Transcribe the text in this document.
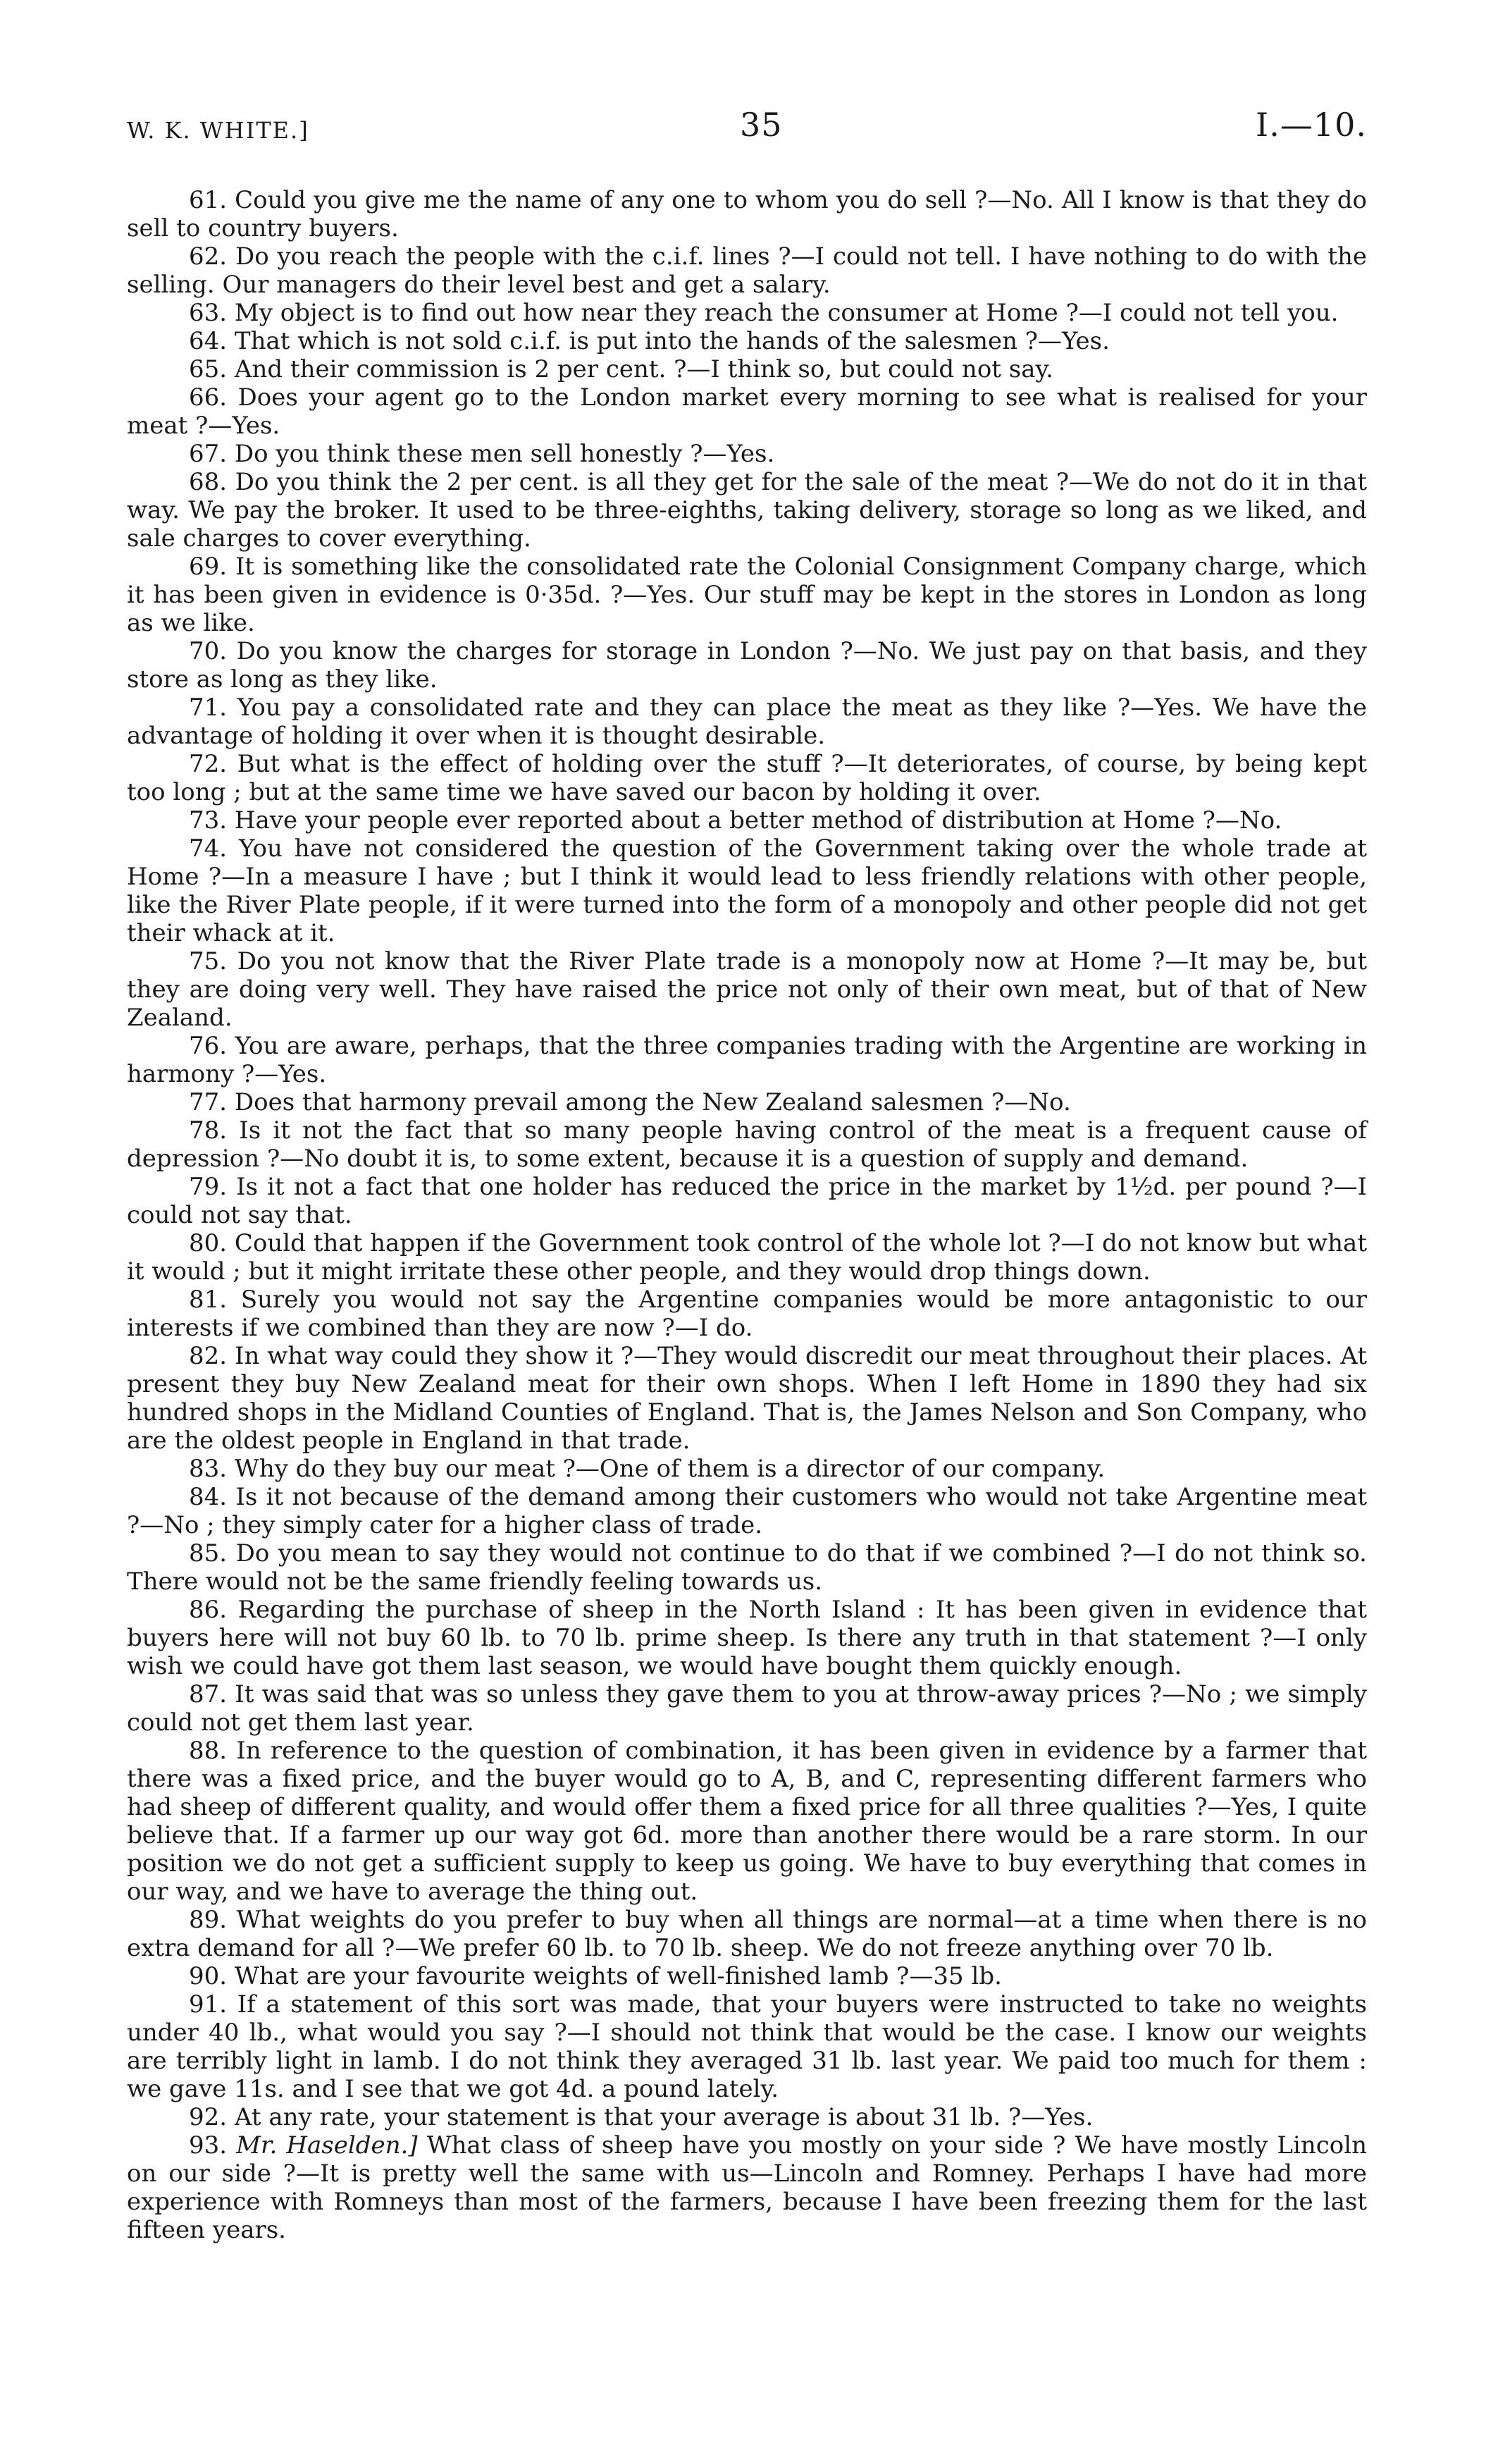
W. K. WHITE.]	35	I.—10.

61. Could you give me the name of any one to whom you do sell ?—No. All I know is that they do sell to country buyers.

62. Do you reach the people with the c.i.f. lines ?—I could not tell. I have nothing to do with the selling. Our managers do their level best and get a salary.

63. My object is to find out how near they reach the consumer at Home ?—I could not tell you.

64. That which is not sold c.i.f. is put into the hands of the salesmen ?—Yes.

65. And their commission is 2 per cent. ?—I think so, but could not say.

66. Does your agent go to the London market every morning to see what is realised for your meat ?—Yes.

67. Do you think these men sell honestly ?—Yes.

68. Do you think the 2 per cent. is all they get for the sale of the meat ?—We do not do it in that way. We pay the broker. It used to be three-eighths, taking delivery, storage so long as we liked, and sale charges to cover everything.

69. It is something like the consolidated rate the Colonial Consignment Company charge, which it has been given in evidence is 0·35d. ?—Yes. Our stuff may be kept in the stores in London as long as we like.

70. Do you know the charges for storage in London ?—No. We just pay on that basis, and they store as long as they like.

71. You pay a consolidated rate and they can place the meat as they like ?—Yes. We have the advantage of holding it over when it is thought desirable.

72. But what is the effect of holding over the stuff ?—It deteriorates, of course, by being kept too long ; but at the same time we have saved our bacon by holding it over.

73. Have your people ever reported about a better method of distribution at Home ?—No.

74. You have not considered the question of the Government taking over the whole trade at Home ?—In a measure I have ; but I think it would lead to less friendly relations with other people, like the River Plate people, if it were turned into the form of a monopoly and other people did not get their whack at it.

75. Do you not know that the River Plate trade is a monopoly now at Home ?—It may be, but they are doing very well. They have raised the price not only of their own meat, but of that of New Zealand.

76. You are aware, perhaps, that the three companies trading with the Argentine are working in harmony ?—Yes.

77. Does that harmony prevail among the New Zealand salesmen ?—No.

78. Is it not the fact that so many people having control of the meat is a frequent cause of depression ?—No doubt it is, to some extent, because it is a question of supply and demand.

79. Is it not a fact that one holder has reduced the price in the market by 1½d. per pound ?—I could not say that.

80. Could that happen if the Government took control of the whole lot ?—I do not know but what it would ; but it might irritate these other people, and they would drop things down.

81. Surely you would not say the Argentine companies would be more antagonistic to our interests if we combined than they are now ?—I do.

82. In what way could they show it ?—They would discredit our meat throughout their places. At present they buy New Zealand meat for their own shops. When I left Home in 1890 they had six hundred shops in the Midland Counties of England. That is, the James Nelson and Son Company, who are the oldest people in England in that trade.

83. Why do they buy our meat ?—One of them is a director of our company.

84. Is it not because of the demand among their customers who would not take Argentine meat ?—No ; they simply cater for a higher class of trade.

85. Do you mean to say they would not continue to do that if we combined ?—I do not think so. There would not be the same friendly feeling towards us.

86. Regarding the purchase of sheep in the North Island : It has been given in evidence that buyers here will not buy 60 lb. to 70 lb. prime sheep. Is there any truth in that statement ?—I only wish we could have got them last season, we would have bought them quickly enough.

87. It was said that was so unless they gave them to you at throw-away prices ?—No ; we simply could not get them last year.

88. In reference to the question of combination, it has been given in evidence by a farmer that there was a fixed price, and the buyer would go to A, B, and C, representing different farmers who had sheep of different quality, and would offer them a fixed price for all three qualities ?—Yes, I quite believe that. If a farmer up our way got 6d. more than another there would be a rare storm. In our position we do not get a sufficient supply to keep us going. We have to buy everything that comes in our way, and we have to average the thing out.

89. What weights do you prefer to buy when all things are normal—at a time when there is no extra demand for all ?—We prefer 60 lb. to 70 lb. sheep. We do not freeze anything over 70 lb.

90. What are your favourite weights of well-finished lamb ?—35 lb.

91. If a statement of this sort was made, that your buyers were instructed to take no weights under 40 lb., what would you say ?—I should not think that would be the case. I know our weights are terribly light in lamb. I do not think they averaged 31 lb. last year. We paid too much for them : we gave 11s. and I see that we got 4d. a pound lately.

92. At any rate, your statement is that your average is about 31 lb. ?—Yes.

93. Mr. Haselden.] What class of sheep have you mostly on your side ? We have mostly Lincoln on our side ?—It is pretty well the same with us—Lincoln and Romney. Perhaps I have had more experience with Romneys than most of the farmers, because I have been freezing them for the last fifteen years.
